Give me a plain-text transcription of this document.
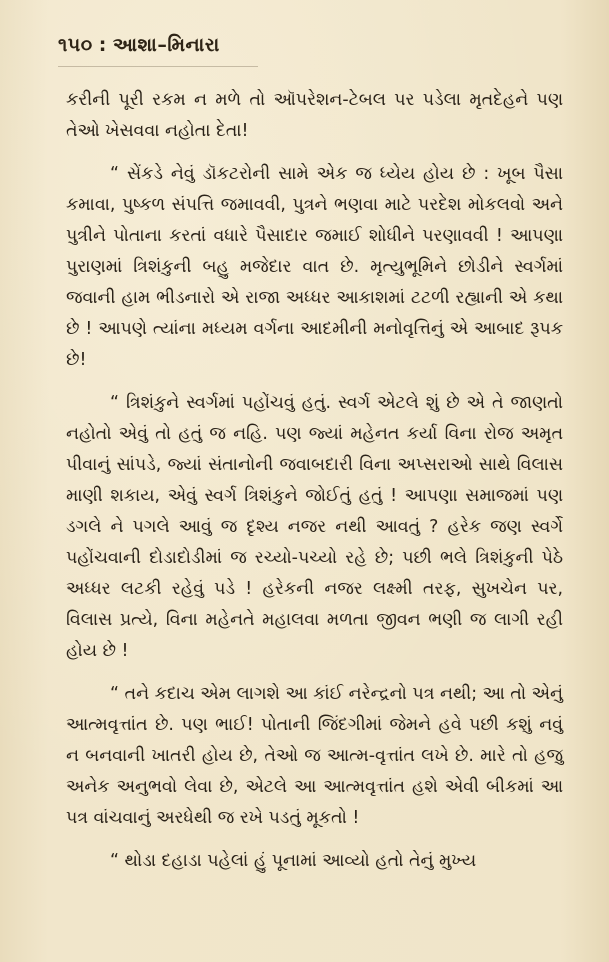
૧૫૦ : આશા–મિનારા

કરીની પૂરી રકમ ન મળે તો ઑપરેશન-ટેબલ પર પડેલા મૃતદેહને પણ તેઓ ખેસવવા નહોતા દેતા!

“ સેંકડે નેવું ડૉકટરોની સામે એક જ ધ્યેય હોય છે : ખૂબ પૈસા કમાવા, પુષ્કળ સંપત્તિ જમાવવી, પુત્રને ભણવા માટે પરદેશ મોકલવો અને પુત્રીને પોતાના કરતાં વધારે પૈસાદાર જમાઈ શોધીને પરણાવવી ! આપણા પુરાણમાં ત્રિશંકુની બહુ મજેદાર વાત છે. મૃત્યુભૂમિને છોડીને સ્વર્ગમાં જવાની હામ ભીડનારો એ રાજા અધ્ધર આકાશમાં ટટળી રહ્યાની એ કથા છે ! આપણે ત્યાંના મધ્યમ વર્ગના આદમીની મનોવૃત્તિનું એ આબાદ રૂપક છે!

“ ત્રિશંકુને સ્વર્ગમાં પહોંચવું હતું. સ્વર્ગ એટલે શું છે એ તે જાણતો નહોતો એવું તો હતું જ નહિ. પણ જ્યાં મહેનત કર્યા વિના રોજ અમૃત પીવાનું સાંપડે, જ્યાં સંતાનોની જવાબદારી વિના અપ્સરાઓ સાથે વિલાસ માણી શકાય, એવું સ્વર્ગ ત્રિશંકુને જોઈતું હતું ! આપણા સમાજમાં પણ ડગલે ને પગલે આવું જ દૃશ્ય નજર નથી આવતું ? હરેક જણ સ્વર્ગે પહોંચવાની દોડાદોડીમાં જ રચ્યો-પચ્યો રહે છે; પછી ભલે ત્રિશંકુની પેઠે અધ્ધર લટકી રહેવું પડે ! હરેકની નજર લક્ષ્મી તરફ, સુખચેન પર, વિલાસ પ્રત્યે, વિના મહેનતે મહાલવા મળતા જીવન ભણી જ લાગી રહી હોય છે !

“ તને કદાચ એમ લાગશે આ કાંઈ નરેન્દ્રનો પત્ર નથી; આ તો એનું આત્મવૃત્તાંત છે. પણ ભાઈ! પોતાની જિંદગીમાં જેમને હવે પછી કશું નવું ન બનવાની ખાતરી હોય છે, તેઓ જ આત્મ-વૃત્તાંત લખે છે. મારે તો હજુ અનેક અનુભવો લેવા છે, એટલે આ આત્મવૃત્તાંત હશે એવી બીકમાં આ પત્ર વાંચવાનું અરધેથી જ રખે પડતું મૂકતો !

“ થોડા દહાડા પહેલાં હું પૂનામાં આવ્યો હતો તેનું મુખ્ય
